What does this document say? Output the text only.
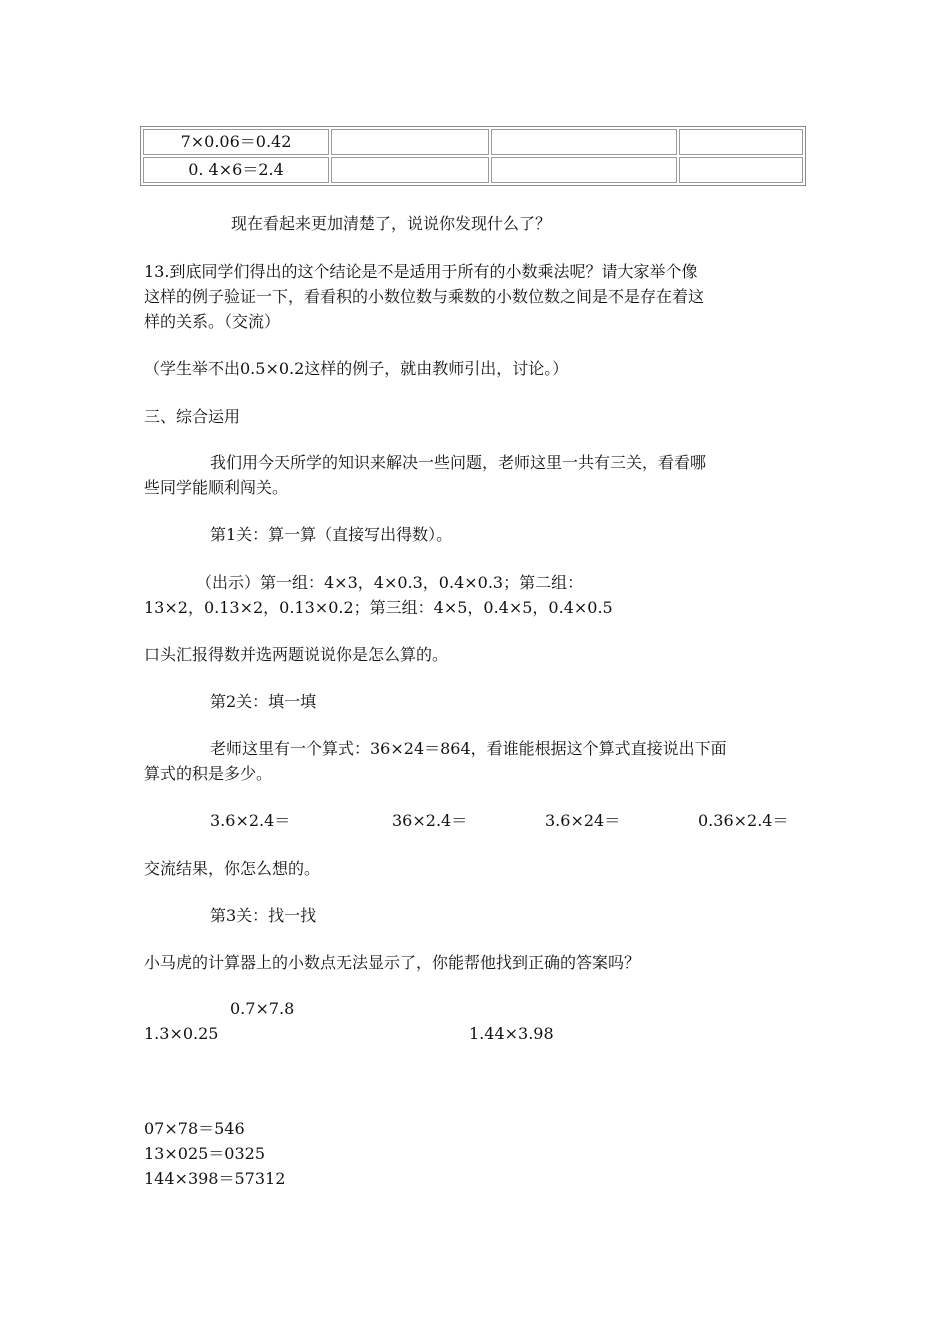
7×0.06＝0.42			
0. 4×6＝2.4			
现在看起来更加清楚了，说说你发现什么了？
13.到底同学们得出的这个结论是不是适用于所有的小数乘法呢？请大家举个像
这样的例子验证一下，看看积的小数位数与乘数的小数位数之间是不是存在着这
样的关系。（交流）
（学生举不出0.5×0.2这样的例子，就由教师引出，讨论。）
三、综合运用
我们用今天所学的知识来解决一些问题，老师这里一共有三关，看看哪
些同学能顺利闯关。
第1关：算一算（直接写出得数）。
（出示）第一组：4×3，4×0.3，0.4×0.3；第二组：
13×2，0.13×2，0.13×0.2；第三组：4×5，0.4×5，0.4×0.5
口头汇报得数并选两题说说你是怎么算的。
第2关：填一填
老师这里有一个算式：36×24＝864，看谁能根据这个算式直接说出下面
算式的积是多少。
3.6×2.4＝	36×2.4＝	3.6×24＝	0.36×2.4＝
交流结果，你怎么想的。
第3关：找一找
小马虎的计算器上的小数点无法显示了，你能帮他找到正确的答案吗？
0.7×7.8
1.3×0.25	1.44×3.98
07×78＝546
13×025＝0325
144×398＝57312
